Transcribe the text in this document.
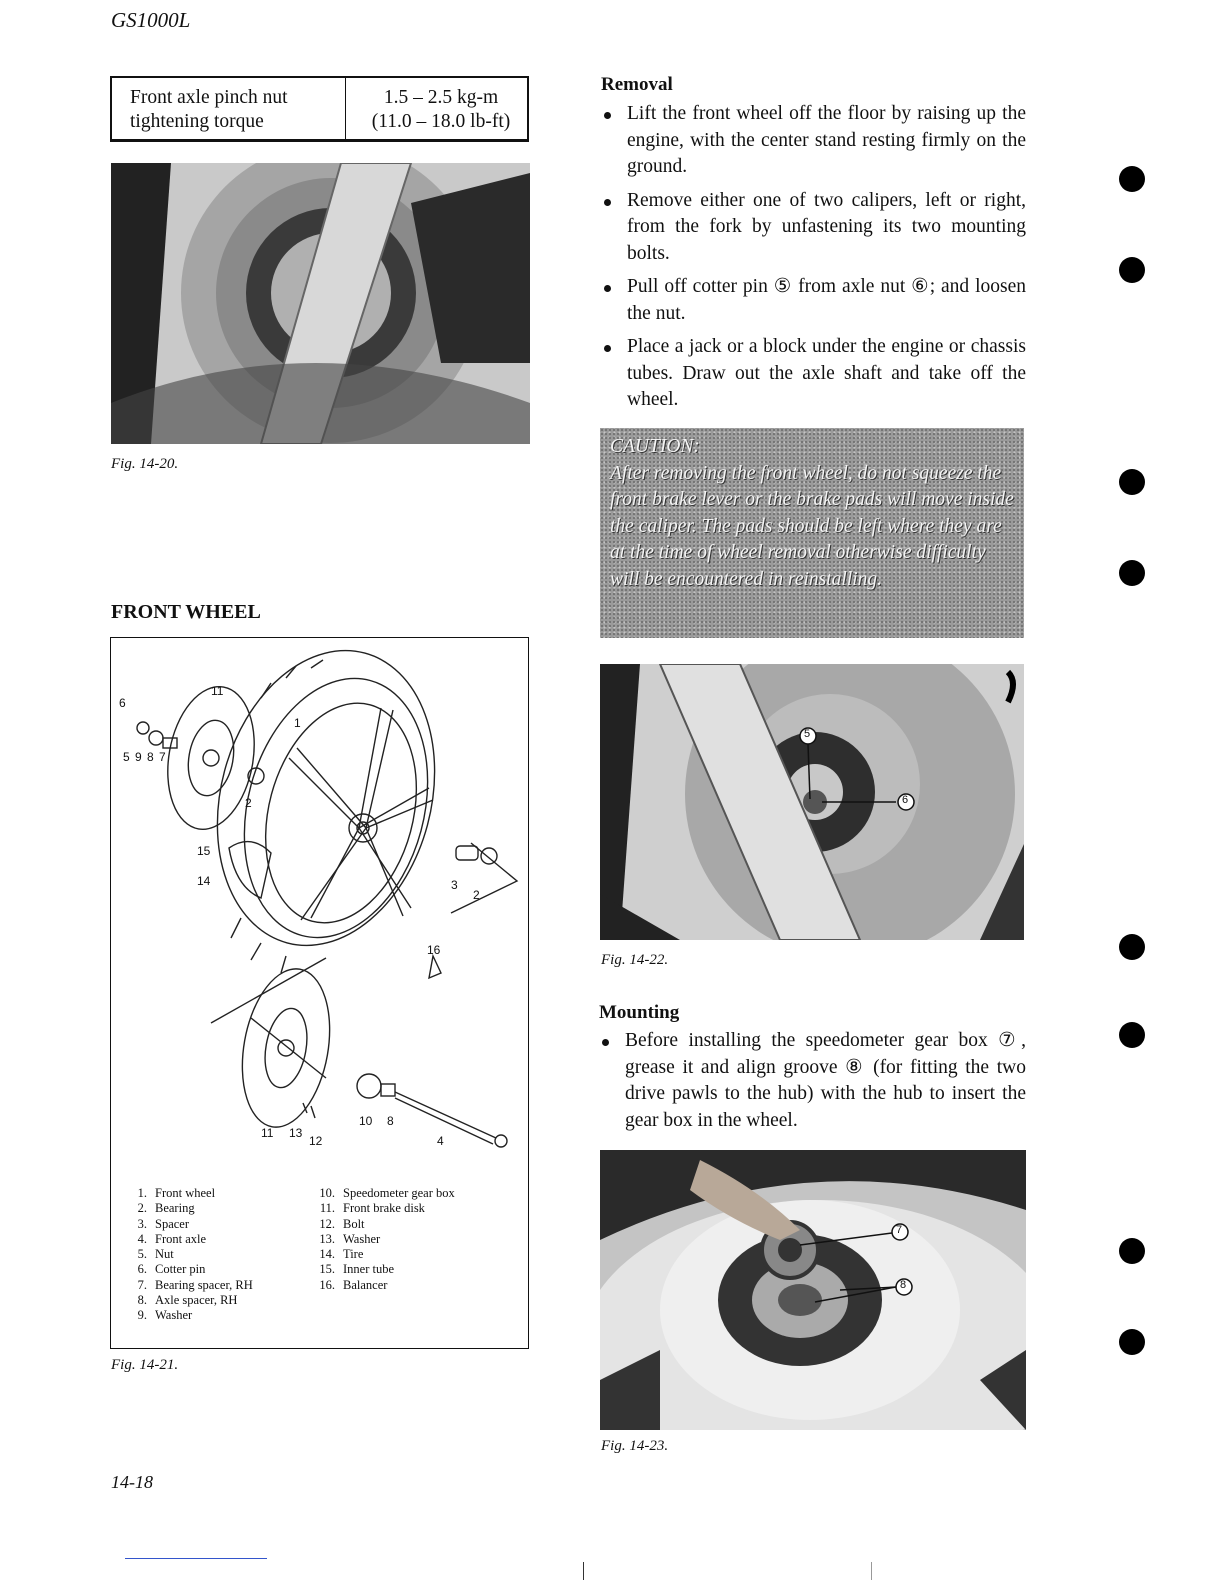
GS1000L
Front axle pinch nut
tightening torque
1.5 – 2.5 kg-m
(11.0 – 18.0 lb-ft)
Fig. 14-20.
FRONT WHEEL
6
11
1
5 9 8 7
2
15
14	3
2
16
11 13
12
10 8
4
1. Front wheel
2. Bearing
3. Spacer
4. Front axle
5. Nut
6. Cotter pin
7. Bearing spacer, RH
8. Axle spacer, RH
9. Washer
10. Speedometer gear box
11. Front brake disk
12. Bolt
13. Washer
14. Tire
15. Inner tube
16. Balancer
Fig. 14-21.
Removal
Lift the front wheel off the floor by raising up the engine, with the center stand resting firmly on the ground.
Remove either one of two calipers, left or right, from the fork by unfastening its two mounting bolts.
Pull off cotter pin ⑤ from axle nut ⑥; and loosen the nut.
Place a jack or a block under the engine or chassis tubes. Draw out the axle shaft and take off the wheel.
CAUTION:
After removing the front wheel, do not squeeze the front brake lever or the brake pads will move inside the caliper. The pads should be left where they are at the time of wheel removal otherwise difficulty will be encountered in reinstalling.
5
6
Fig. 14-22.
Mounting
Before installing the speedometer gear box ⑦, grease it and align groove ⑧ (for fitting the two drive pawls to the hub) with the hub to insert the gear box in the wheel.
7
8
Fig. 14-23.
14-18
